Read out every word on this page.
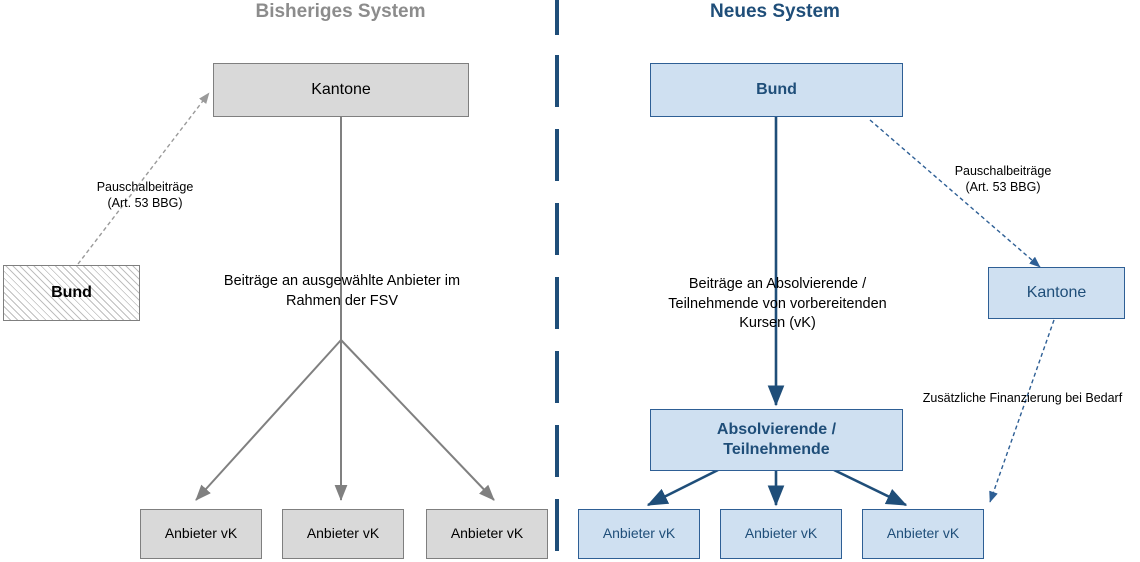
Bisheriges System
Kantone
Bund
Pauschalbeiträge
(Art. 53 BBG)
Beiträge an ausgewählte Anbieter im
Rahmen der FSV
Anbieter vK	Anbieter vK	Anbieter vK
Neues System
Bund
Pauschalbeiträge
(Art. 53 BBG)
Kantone
Beiträge an Absolvierende /
Teilnehmende von vorbereitenden
Kursen (vK)
Zusätzliche Finanzierung bei Bedarf
Absolvierende /
Teilnehmende
Anbieter vK	Anbieter vK	Anbieter vK
